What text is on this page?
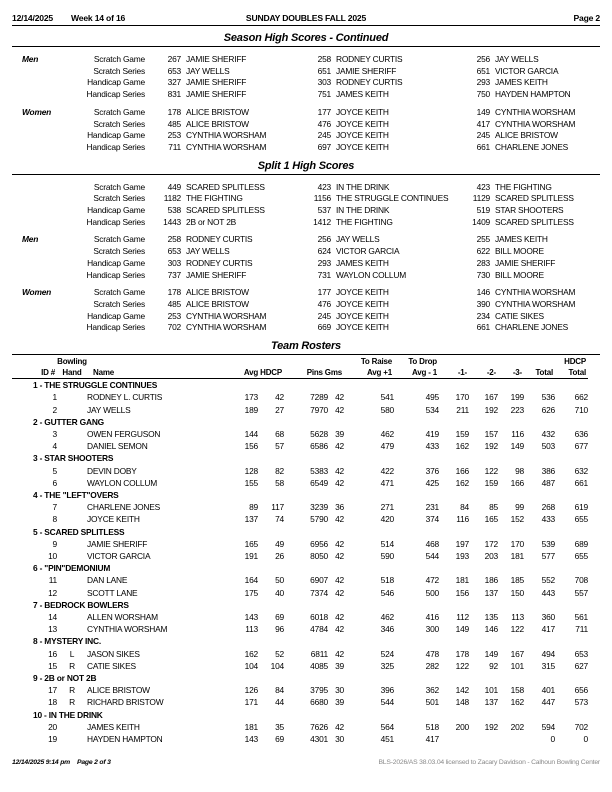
12/14/2025 Week 14 of 16	SUNDAY DOUBLES FALL 2025	Page 2
Season High Scores - Continued
Men	Scratch Game	267 JAMIE SHERIFF	258 RODNEY CURTIS	256 JAY WELLS
Scratch Series	653 JAY WELLS	651 JAMIE SHERIFF	651 VICTOR GARCIA
Handicap Game	327 JAMIE SHERIFF	303 RODNEY CURTIS	293 JAMES KEITH
Handicap Series	831 JAMIE SHERIFF	751 JAMES KEITH	750 HAYDEN HAMPTON
Women	Scratch Game	178 ALICE BRISTOW	177 JOYCE KEITH	149 CYNTHIA WORSHAM
Scratch Series	485 ALICE BRISTOW	476 JOYCE KEITH	417 CYNTHIA WORSHAM
Handicap Game	253 CYNTHIA WORSHAM	245 JOYCE KEITH	245 ALICE BRISTOW
Handicap Series	711 CYNTHIA WORSHAM	697 JOYCE KEITH	661 CHARLENE JONES
Split 1 High Scores
Scratch Game	449 SCARED SPLITLESS	423 IN THE DRINK	423 THE FIGHTING
Scratch Series	1182 THE FIGHTING	1156 THE STRUGGLE CONTINUES	1129 SCARED SPLITLESS
Handicap Game	538 SCARED SPLITLESS	537 IN THE DRINK	519 STAR SHOOTERS
Handicap Series	1443 2B or NOT 2B	1412 THE FIGHTING	1409 SCARED SPLITLESS
Men	Scratch Game	258 RODNEY CURTIS	256 JAY WELLS	255 JAMES KEITH
Scratch Series	653 JAY WELLS	624 VICTOR GARCIA	622 BILL MOORE
Handicap Game	303 RODNEY CURTIS	293 JAMES KEITH	283 JAMIE SHERIFF
Handicap Series	737 JAMIE SHERIFF	731 WAYLON COLLUM	730 BILL MOORE
Women	Scratch Game	178 ALICE BRISTOW	177 JOYCE KEITH	146 CYNTHIA WORSHAM
Scratch Series	485 ALICE BRISTOW	476 JOYCE KEITH	390 CYNTHIA WORSHAM
Handicap Game	253 CYNTHIA WORSHAM	245 JOYCE KEITH	234 CATIE SIKES
Handicap Series	702 CYNTHIA WORSHAM	669 JOYCE KEITH	661 CHARLENE JONES
Team Rosters
	Bowling						To Raise	To Drop					HDCP
ID #	Hand	Name	Avg HDCP		Pins Gms		Avg +1	Avg - 1	-1-	-2-	-3-	Total	Total
1 - THE STRUGGLE CONTINUES													
1		RODNEY L. CURTIS	173	42	7289	42	541	495	170	167	199	536	662
2		JAY WELLS	189	27	7970	42	580	534	211	192	223	626	710
2 - GUTTER GANG													
3		OWEN FERGUSON	144	68	5628	39	462	419	159	157	116	432	636
4		DANIEL SEMON	156	57	6586	42	479	433	162	192	149	503	677
3 - STAR SHOOTERS													
5		DEVIN DOBY	128	82	5383	42	422	376	166	122	98	386	632
6		WAYLON COLLUM	155	58	6549	42	471	425	162	159	166	487	661
4 - THE "LEFT"OVERS													
7		CHARLENE JONES	89	117	3239	36	271	231	84	85	99	268	619
8		JOYCE KEITH	137	74	5790	42	420	374	116	165	152	433	655
5 - SCARED SPLITLESS													
9		JAMIE SHERIFF	165	49	6956	42	514	468	197	172	170	539	689
10		VICTOR GARCIA	191	26	8050	42	590	544	193	203	181	577	655
6 - "PIN"DEMONIUM													
11		DAN LANE	164	50	6907	42	518	472	181	186	185	552	708
12		SCOTT LANE	175	40	7374	42	546	500	156	137	150	443	557
7 - BEDROCK BOWLERS													
14		ALLEN WORSHAM	143	69	6018	42	462	416	112	135	113	360	561
13		CYNTHIA WORSHAM	113	96	4784	42	346	300	149	146	122	417	711
8 - MYSTERY INC.													
16	L	JASON SIKES	162	52	6811	42	524	478	178	149	167	494	653
15	R	CATIE SIKES	104	104	4085	39	325	282	122	92	101	315	627
9 - 2B or NOT 2B													
17	R	ALICE BRISTOW	126	84	3795	30	396	362	142	101	158	401	656
18	R	RICHARD BRISTOW	171	44	6680	39	544	501	148	137	162	447	573
10 - IN THE DRINK													
20		JAMES KEITH	181	35	7626	42	564	518	200	192	202	594	702
19		HAYDEN HAMPTON	143	69	4301	30	451	417				0	0
12/14/2025 9:14 pm Page 2 of 3	BLS-2026/AS 38.03.04 licensed to Zacary Davidson - Calhoun Bowling Center
